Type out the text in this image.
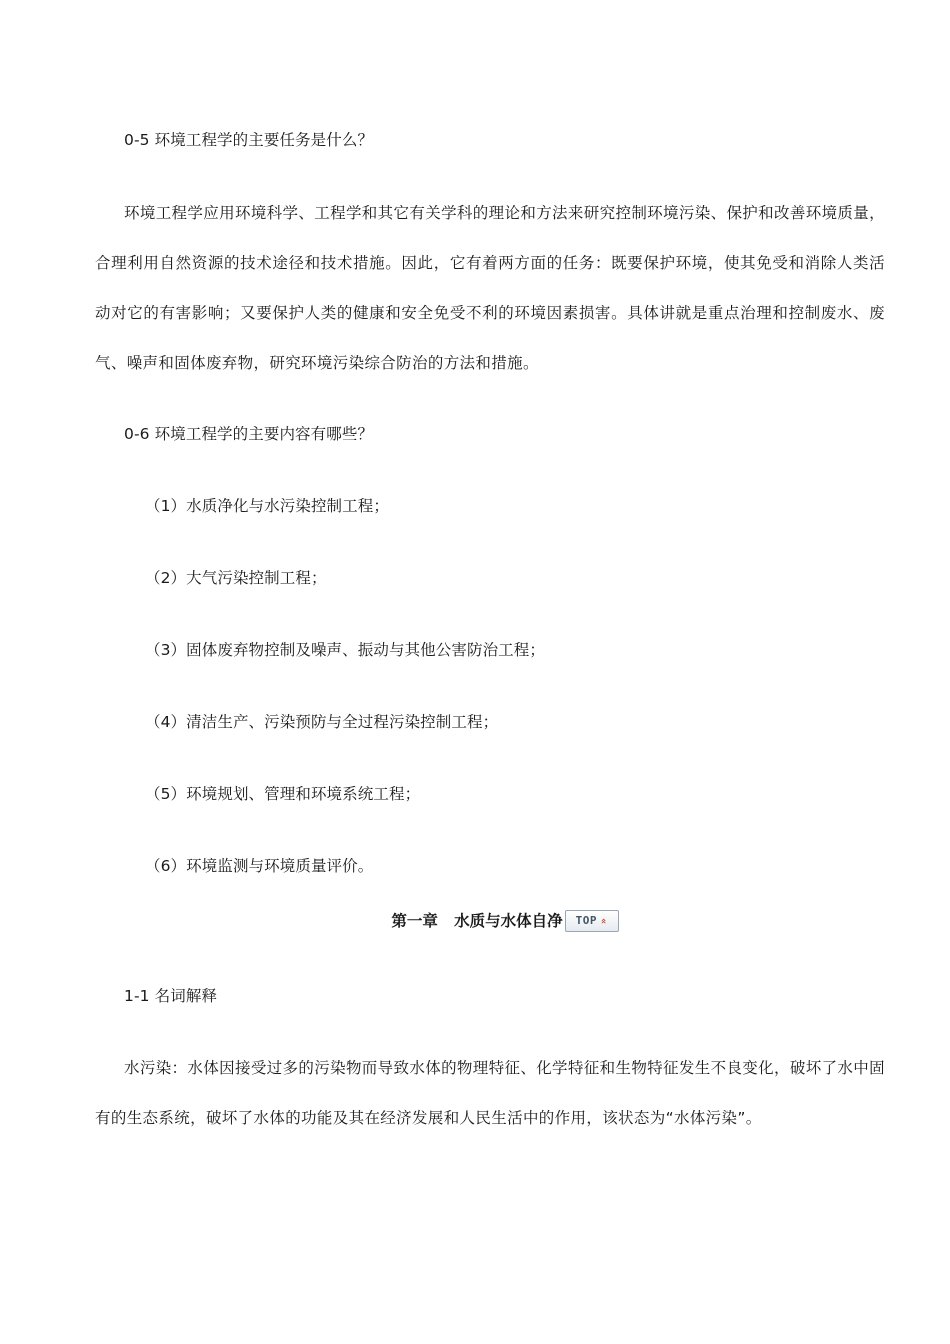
0-5 环境工程学的主要任务是什么？
环境工程学应用环境科学、工程学和其它有关学科的理论和方法来研究控制环境污染、保护和改善环境质量，合理利用自然资源的技术途径和技术措施。因此，它有着两方面的任务：既要保护环境，使其免受和消除人类活动对它的有害影响；又要保护人类的健康和安全免受不利的环境因素损害。具体讲就是重点治理和控制废水、废气、噪声和固体废弃物，研究环境污染综合防治的方法和措施。
0-6 环境工程学的主要内容有哪些？
（1）水质净化与水污染控制工程；
（2）大气污染控制工程；
（3）固体废弃物控制及噪声、振动与其他公害防治工程；
（4）清洁生产、污染预防与全过程污染控制工程；
（5）环境规划、管理和环境系统工程；
（6）环境监测与环境质量评价。
第一章   水质与水体自净 TOP »
1-1 名词解释
水污染：水体因接受过多的污染物而导致水体的物理特征、化学特征和生物特征发生不良变化，破坏了水中固有的生态系统，破坏了水体的功能及其在经济发展和人民生活中的作用，该状态为“水体污染”。
